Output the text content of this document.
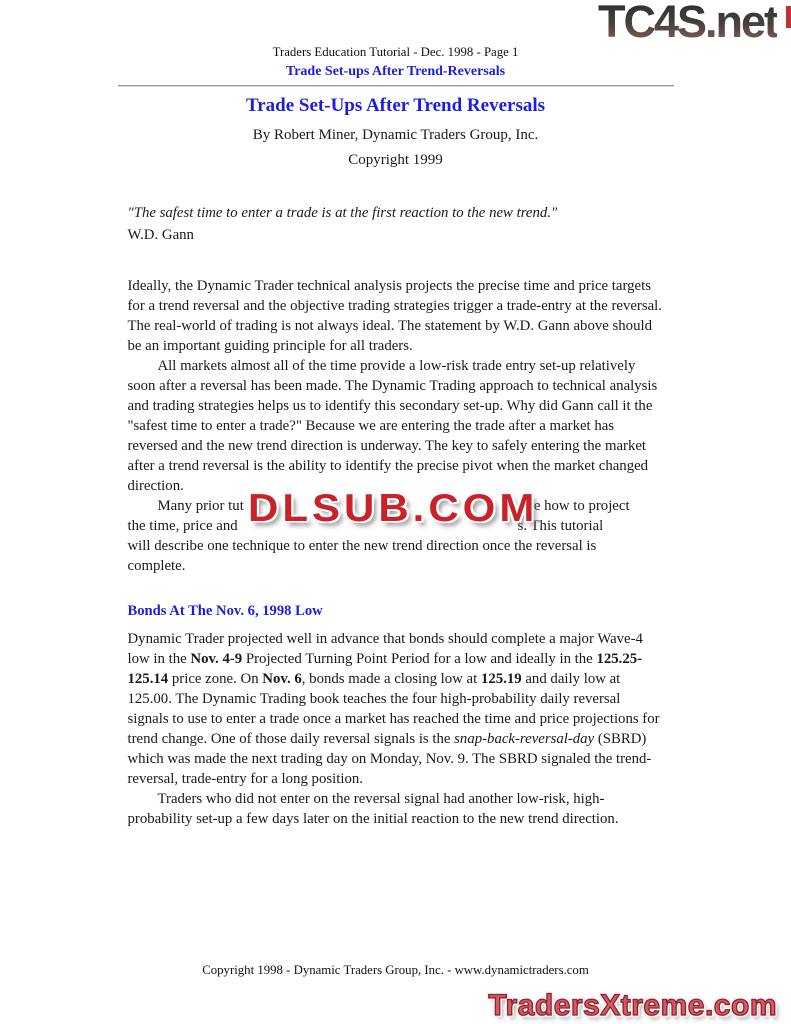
TC4S.net
Traders Education Tutorial - Dec. 1998 - Page 1
Trade Set-ups After Trend-Reversals
Trade Set-Ups After Trend Reversals
By Robert Miner, Dynamic Traders Group, Inc.
Copyright 1999
"The safest time to enter a trade is at the first reaction to the new trend."
W.D. Gann

Ideally, the Dynamic Trader technical analysis projects the precise time and price targets for a trend reversal and the objective trading strategies trigger a trade-entry at the reversal. The real-world of trading is not always ideal. The statement by W.D. Gann above should be an important guiding principle for all traders.

All markets almost all of the time provide a low-risk trade entry set-up relatively soon after a reversal has been made. The Dynamic Trading approach to technical analysis and trading strategies helps us to identify this secondary set-up. Why did Gann call it the "safest time to enter a trade?" Because we are entering the trade after a market has reversed and the new trend direction is underway. The key to safely entering the market after a trend reversal is the ability to identify the precise pivot when the market changed direction.

Many prior tut	e how to project
the time, price and	s. This tutorial
will describe one technique to enter the new trend direction once the reversal is
complete.
Bonds At The Nov. 6, 1998 Low

Dynamic Trader projected well in advance that bonds should complete a major Wave-4 low in the Nov. 4-9 Projected Turning Point Period for a low and ideally in the 125.25-125.14 price zone. On Nov. 6, bonds made a closing low at 125.19 and daily low at 125.00. The Dynamic Trading book teaches the four high-probability daily reversal signals to use to enter a trade once a market has reached the time and price projections for trend change. One of those daily reversal signals is the snap-back-reversal-day (SBRD) which was made the next trading day on Monday, Nov. 9. The SBRD signaled the trend-reversal, trade-entry for a long position.

Traders who did not enter on the reversal signal had another low-risk, high-probability set-up a few days later on the initial reaction to the new trend direction.

DLSUB.COM
Copyright 1998 - Dynamic Traders Group, Inc. - www.dynamictraders.com
TradersXtreme.com
